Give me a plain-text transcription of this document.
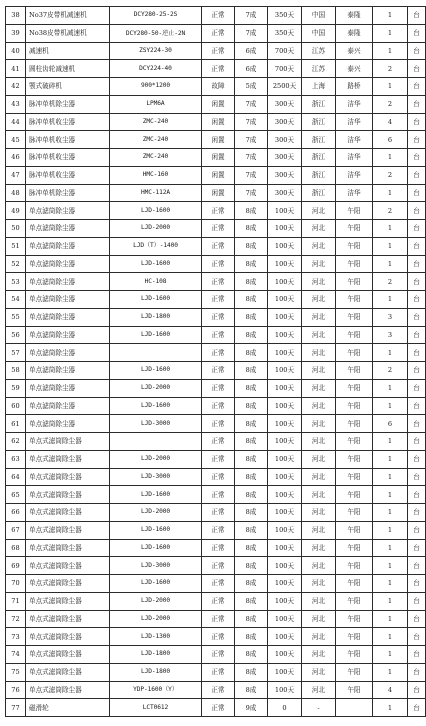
38	No37皮带机减速机	DCY280-25-2S	正常	7成	350天	中国	泰隆	1	台
39	No38皮带机减速机	DCY280-50-逆止-2N	正常	7成	350天	中国	泰隆	1	台
40	减速机	ZSY224-30	正常	6成	700天	江苏	泰兴	1	台
41	圆柱齿轮减速机	DCY224-40	正常	6成	700天	江苏	泰兴	2	台
42	颚式破碎机	900*1200	故障	5成	2500天	上海	路桥	1	台
43	脉冲单机除尘器	LPM6A	闲置	7成	300天	浙江	洁华	2	台
44	脉冲单机收尘器	ZMC-240	闲置	7成	300天	浙江	洁华	4	台
45	脉冲单机收尘器	ZMC-240	闲置	7成	300天	浙江	洁华	6	台
46	脉冲单机收尘器	ZMC-240	闲置	7成	300天	浙江	洁华	1	台
47	脉冲单机收尘器	HMC-160	闲置	7成	300天	浙江	洁华	2	台
48	脉冲单机除尘器	HMC-112A	闲置	7成	300天	浙江	洁华	1	台
49	单点滤筒除尘器	LJD-1600	正常	8成	100天	河北	午阳	2	台
50	单点滤筒除尘器	LJD-2000	正常	8成	100天	河北	午阳	1	台
51	单点滤筒除尘器	LJD（T）-1400	正常	8成	100天	河北	午阳	1	台
52	单点滤筒除尘器	LJD-1600	正常	8成	100天	河北	午阳	1	台
53	单点滤筒除尘器	HC-108	正常	8成	100天	河北	午阳	2	台
54	单点滤筒除尘器	LJD-1600	正常	8成	100天	河北	午阳	1	台
55	单点滤筒除尘器	LJD-1800	正常	8成	100天	河北	午阳	3	台
56	单点滤筒除尘器	LJD-1600	正常	8成	100天	河北	午阳	3	台
57	单点滤筒除尘器		正常	8成	100天	河北	午阳	1	台
58	单点滤筒除尘器	LJD-1600	正常	8成	100天	河北	午阳	2	台
59	单点滤筒除尘器	LJD-2000	正常	8成	100天	河北	午阳	1	台
60	单点滤筒除尘器	LJD-1600	正常	8成	100天	河北	午阳	1	台
61	单点滤筒除尘器	LJD-3000	正常	8成	100天	河北	午阳	6	台
62	单点式滤筒除尘器		正常	8成	100天	河北	午阳	1	台
63	单点式滤筒除尘器	LJD-2000	正常	8成	100天	河北	午阳	1	台
64	单点式滤筒除尘器	LJD-3000	正常	8成	100天	河北	午阳	1	台
65	单点式滤筒除尘器	LJD-1600	正常	8成	100天	河北	午阳	1	台
66	单点式滤筒除尘器	LJD-2000	正常	8成	100天	河北	午阳	1	台
67	单点式滤筒除尘器	LJD-1600	正常	8成	100天	河北	午阳	1	台
68	单点式滤筒除尘器	LJD-1600	正常	8成	100天	河北	午阳	1	台
69	单点式滤筒除尘器	LJD-3000	正常	8成	100天	河北	午阳	1	台
70	单点式滤筒除尘器	LJD-1600	正常	8成	100天	河北	午阳	1	台
71	单点式滤筒除尘器	LJD-2000	正常	8成	100天	河北	午阳	1	台
72	单点式滤筒除尘器	LJD-2000	正常	8成	100天	河北	午阳	1	台
73	单点式滤筒除尘器	LJD-1300	正常	8成	100天	河北	午阳	1	台
74	单点式滤筒除尘器	LJD-1800	正常	8成	100天	河北	午阳	1	台
75	单点式滤筒除尘器	LJD-1800	正常	8成	100天	河北	午阳	1	台
76	单点式滤筒除尘器	YDP-1600（Y）	正常	8成	100天	河北	午阳	4	台
77	磁滑轮	LCT0612	正常	9成	0	-		1	台
